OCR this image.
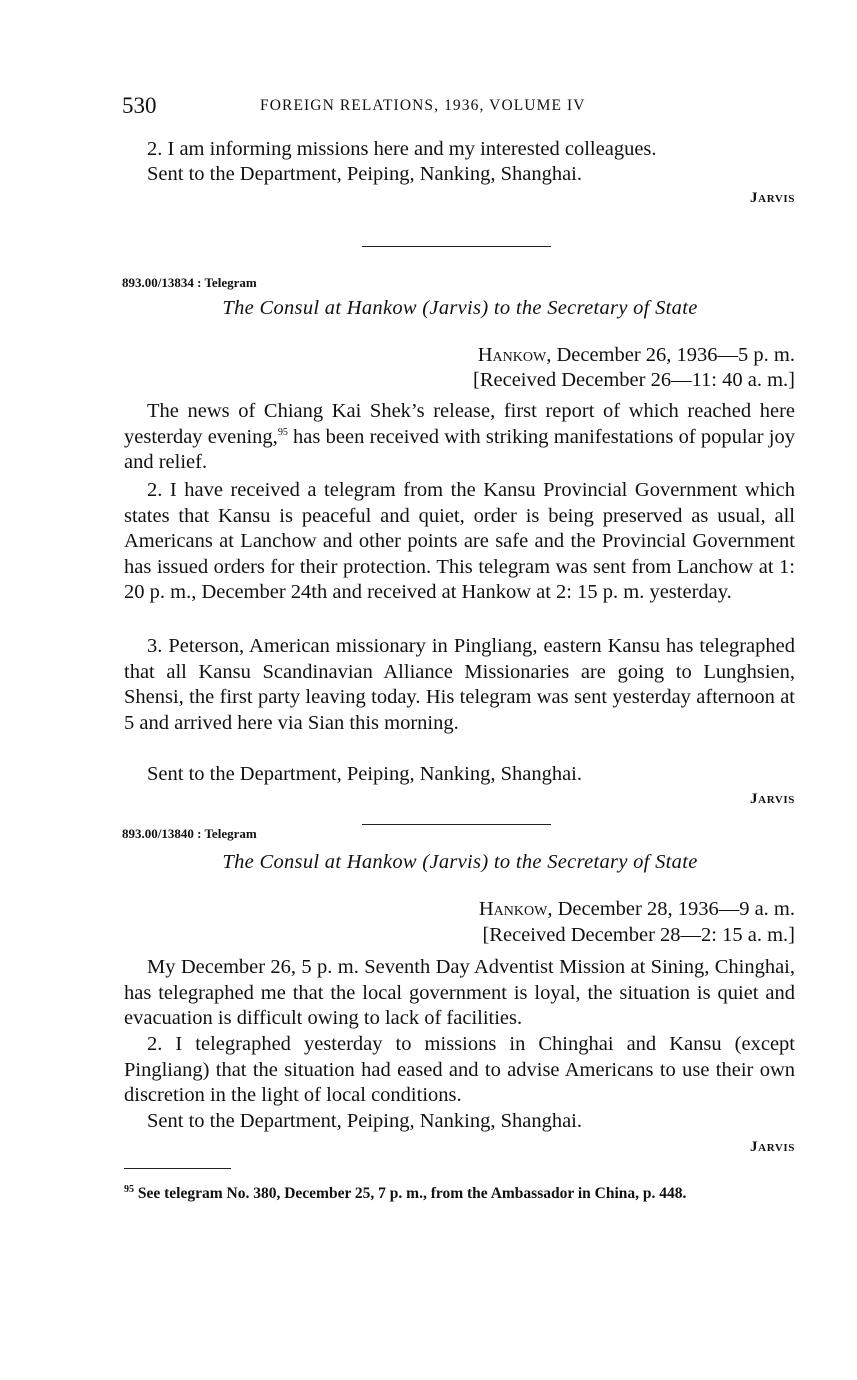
530	FOREIGN RELATIONS, 1936, VOLUME IV

2. I am informing missions here and my interested colleagues.

Sent to the Department, Peiping, Nanking, Shanghai.

Jarvis
893.00/13834 : Telegram
The Consul at Hankow (Jarvis) to the Secretary of State
Hankow, December 26, 1936—5 p. m.
[Received December 26—11: 40 a. m.]

The news of Chiang Kai Shek’s release, first report of which reached here yesterday evening,$^{95}$ has been received with striking manifestations of popular joy and relief.

2. I have received a telegram from the Kansu Provincial Government which states that Kansu is peaceful and quiet, order is being preserved as usual, all Americans at Lanchow and other points are safe and the Provincial Government has issued orders for their protection. This telegram was sent from Lanchow at 1: 20 p. m., December 24th and received at Hankow at 2: 15 p. m. yesterday.

3. Peterson, American missionary in Pingliang, eastern Kansu has telegraphed that all Kansu Scandinavian Alliance Missionaries are going to Lunghsien, Shensi, the first party leaving today. His telegram was sent yesterday afternoon at 5 and arrived here via Sian this morning.

Sent to the Department, Peiping, Nanking, Shanghai.

Jarvis
893.00/13840 : Telegram
The Consul at Hankow (Jarvis) to the Secretary of State
Hankow, December 28, 1936—9 a. m.
[Received December 28—2: 15 a. m.]

My December 26, 5 p. m. Seventh Day Adventist Mission at Sining, Chinghai, has telegraphed me that the local government is loyal, the situation is quiet and evacuation is difficult owing to lack of facilities.

2. I telegraphed yesterday to missions in Chinghai and Kansu (except Pingliang) that the situation had eased and to advise Americans to use their own discretion in the light of local conditions.

Sent to the Department, Peiping, Nanking, Shanghai.

Jarvis

$^{95}$ See telegram No. 380, December 25, 7 p. m., from the Ambassador in China, p. 448.
